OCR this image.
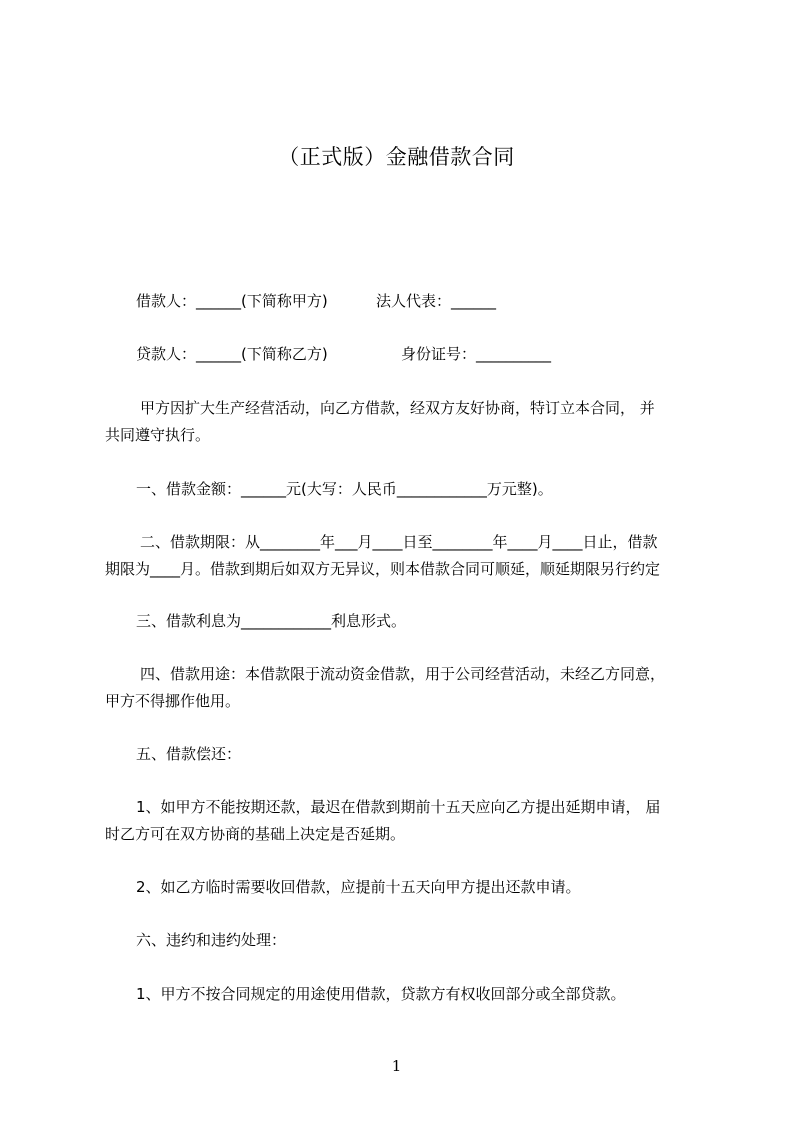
（正式版）金融借款合同
借款人：______(下简称甲方)	法人代表：______
贷款人：______(下简称乙方)	身份证号：__________
甲方因扩大生产经营活动，向乙方借款，经双方友好协商，特订立本合同， 并
共同遵守执行。
一、借款金额：______元(大写：人民币____________万元整)。
二、借款期限：从________年___月____日至________年____月____日止，借款
期限为____月。借款到期后如双方无异议，则本借款合同可顺延，顺延期限另行约定
三、借款利息为____________利息形式。
四、借款用途：本借款限于流动资金借款，用于公司经营活动，未经乙方同意，
甲方不得挪作他用。
五、借款偿还：
1、如甲方不能按期还款，最迟在借款到期前十五天应向乙方提出延期申请， 届
时乙方可在双方协商的基础上决定是否延期。
2、如乙方临时需要收回借款，应提前十五天向甲方提出还款申请。
六、违约和违约处理：
1、甲方不按合同规定的用途使用借款，贷款方有权收回部分或全部贷款。
1
